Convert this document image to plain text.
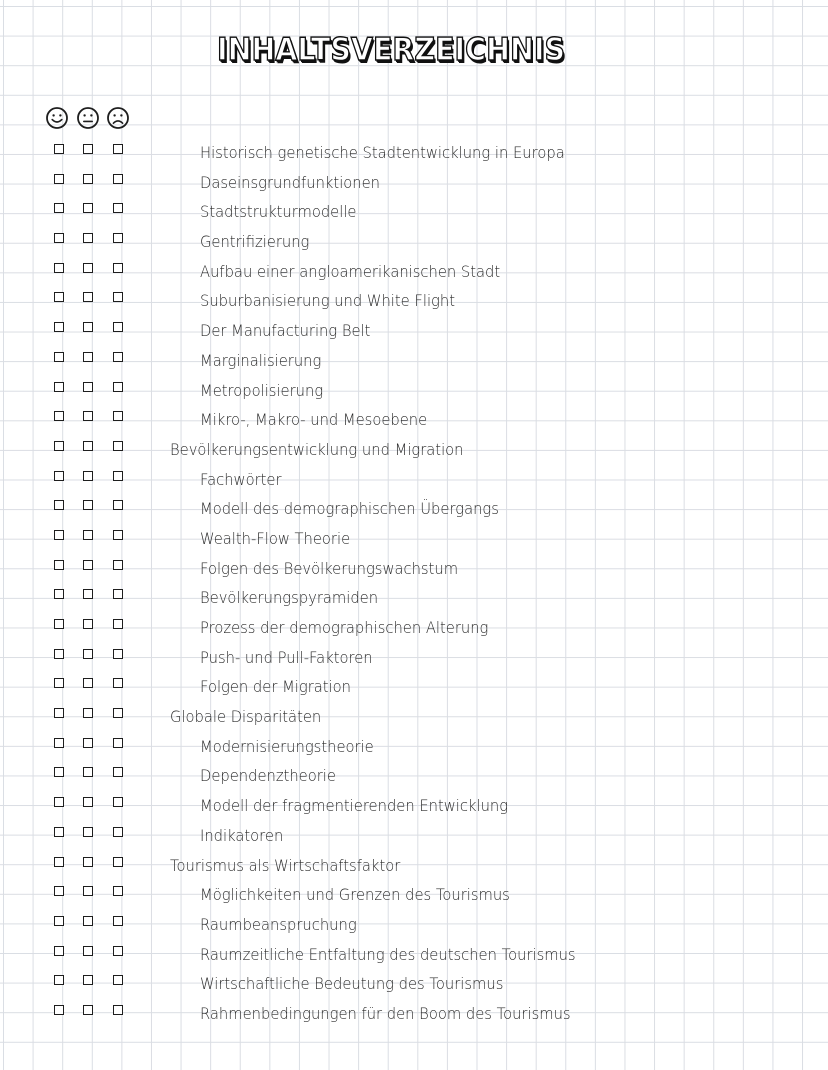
INHALTSVERZEICHNIS
Historisch genetische Stadtentwicklung in Europa
Daseinsgrundfunktionen
Stadtstrukturmodelle
Gentrifizierung
Aufbau einer angloamerikanischen Stadt
Suburbanisierung und White Flight
Der Manufacturing Belt
Marginalisierung
Metropolisierung
Mikro-, Makro- und Mesoebene
Bevölkerungsentwicklung und Migration
Fachwörter
Modell des demographischen Übergangs
Wealth-Flow Theorie
Folgen des Bevölkerungswachstum
Bevölkerungspyramiden
Prozess der demographischen Alterung
Push- und Pull-Faktoren
Folgen der Migration
Globale Disparitäten
Modernisierungstheorie
Dependenztheorie
Modell der fragmentierenden Entwicklung
Indikatoren
Tourismus als Wirtschaftsfaktor
Möglichkeiten und Grenzen des Tourismus
Raumbeanspruchung
Raumzeitliche Entfaltung des deutschen Tourismus
Wirtschaftliche Bedeutung des Tourismus
Rahmenbedingungen für den Boom des Tourismus
